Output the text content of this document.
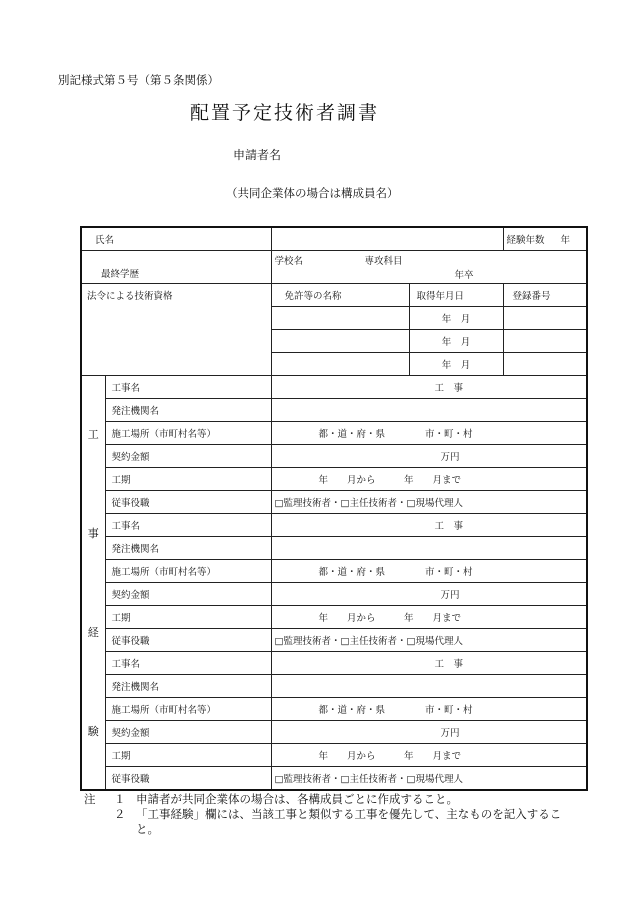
別記様式第５号（第５条関係）
配置予定技術者調書
申請者名
（共同企業体の場合は構成員名）
氏名				経験年数 年
最終学歴		学校名 専攻科目
年卒		

法令による技術資格		免許等の名称	取得年月日	登録番号
			年　月	
			年　月	
			年　月	

工
事
経
験	工事名	工　事		
	発注機関名			
	施工場所（市町村名等）	都・道・府・県 市・町・村		
	契約金額	万円		
	工期	年　　月から　　　年　　月まで		
	従事役職	□監理技術者・□主任技術者・□現場代理人		
	工事名	工　事		
	発注機関名			
	施工場所（市町村名等）	都・道・府・県 市・町・村		
	契約金額	万円		
	工期	年　　月から　　　年　　月まで		
	従事役職	□監理技術者・□主任技術者・□現場代理人		
	工事名	工　事		
	発注機関名			
	施工場所（市町村名等）	都・道・府・県 市・町・村		
	契約金額	万円		
	工期	年　　月から　　　年　　月まで		
	従事役職	□監理技術者・□主任技術者・□現場代理人		
注	１ 申請者が共同企業体の場合は、各構成員ごとに作成すること。
２ 「工事経験」欄には、当該工事と類似する工事を優先して、主なものを記入すること。
